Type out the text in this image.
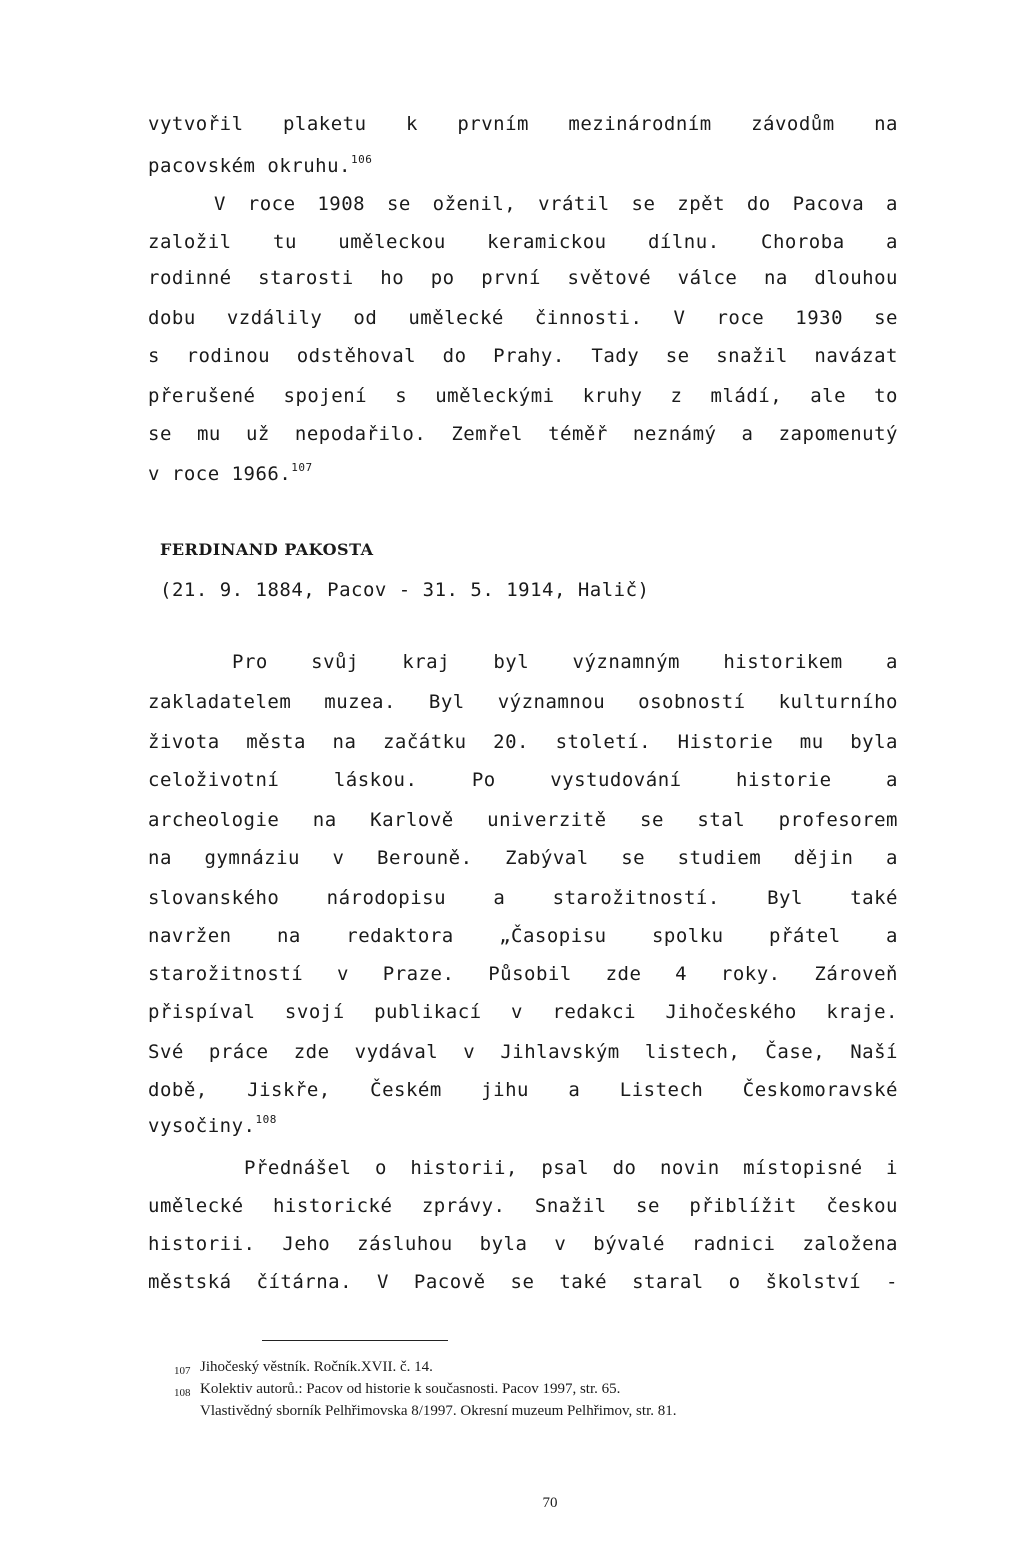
vytvořil plaketu k prvním mezinárodním závodům na
pacovském okruhu.$^{106}$
V roce 1908 se oženil, vrátil se zpět do Pacova a
založil tu uměleckou keramickou dílnu. Choroba a
rodinné starosti ho po první světové válce na dlouhou
dobu vzdálily od umělecké činnosti. V roce 1930 se
s rodinou odstěhoval do Prahy. Tady se snažil navázat
přerušené spojení s uměleckými kruhy z mládí, ale to
se mu už nepodařilo. Zemřel téměř neznámý a zapomenutý
v roce 1966.$^{107}$
FERDINAND PAKOSTA
(21. 9. 1884, Pacov - 31. 5. 1914, Halič)
Pro svůj kraj byl významným historikem a
zakladatelem muzea. Byl významnou osobností kulturního
života města na začátku 20. století. Historie mu byla
celoživotní láskou. Po vystudování historie a
archeologie na Karlově univerzitě se stal profesorem
na gymnáziu v Berouně. Zabýval se studiem dějin a
slovanského národopisu a starožitností. Byl také
navržen na redaktora „Časopisu spolku přátel a
starožitností v Praze. Působil zde 4 roky. Zároveň
přispíval svojí publikací v redakci Jihočeského kraje.
Své práce zde vydával v Jihlavským listech, Čase, Naší
době, Jiskře, Českém jihu a Listech Českomoravské
vysočiny.$^{108}$
Přednášel o historii, psal do novin místopisné i
umělecké historické zprávy. Snažil se přiblížit českou
historii. Jeho zásluhou byla v bývalé radnici založena
městská čítárna. V Pacově se také staral o školství -
107 Jihočeský věstník. Ročník.XVII. č. 14.
108 Kolektiv autorů.: Pacov od historie k současnosti. Pacov 1997, str. 65.
Vlastivědný sborník Pelhřimovska 8/1997. Okresní muzeum Pelhřimov, str. 81.
70
